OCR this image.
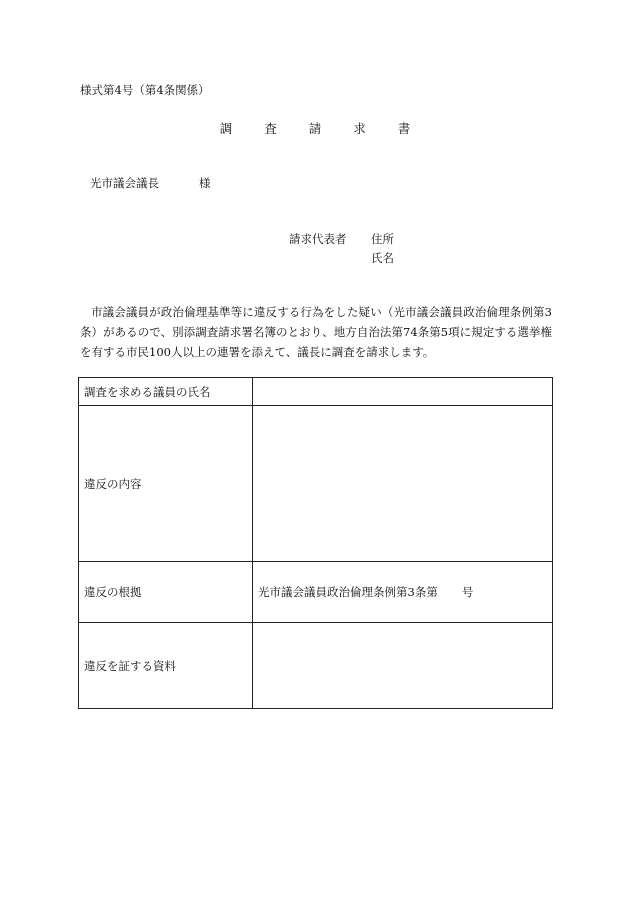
様式第4号（第4条関係）
調	査	請	求	書
光市議会議長	様
請求代表者 住所
氏名
市議会議員が政治倫理基準等に違反する行為をした疑い（光市議会議員政治倫理条例第3条）があるので、別添調査請求署名簿のとおり、地方自治法第74条第5項に規定する選挙権を有する市民100人以上の連署を添えて、議長に調査を請求します。
調査を求める議員の氏名	
違反の内容	
違反の根拠	光市議会議員政治倫理条例第3条第 号
違反を証する資料	
